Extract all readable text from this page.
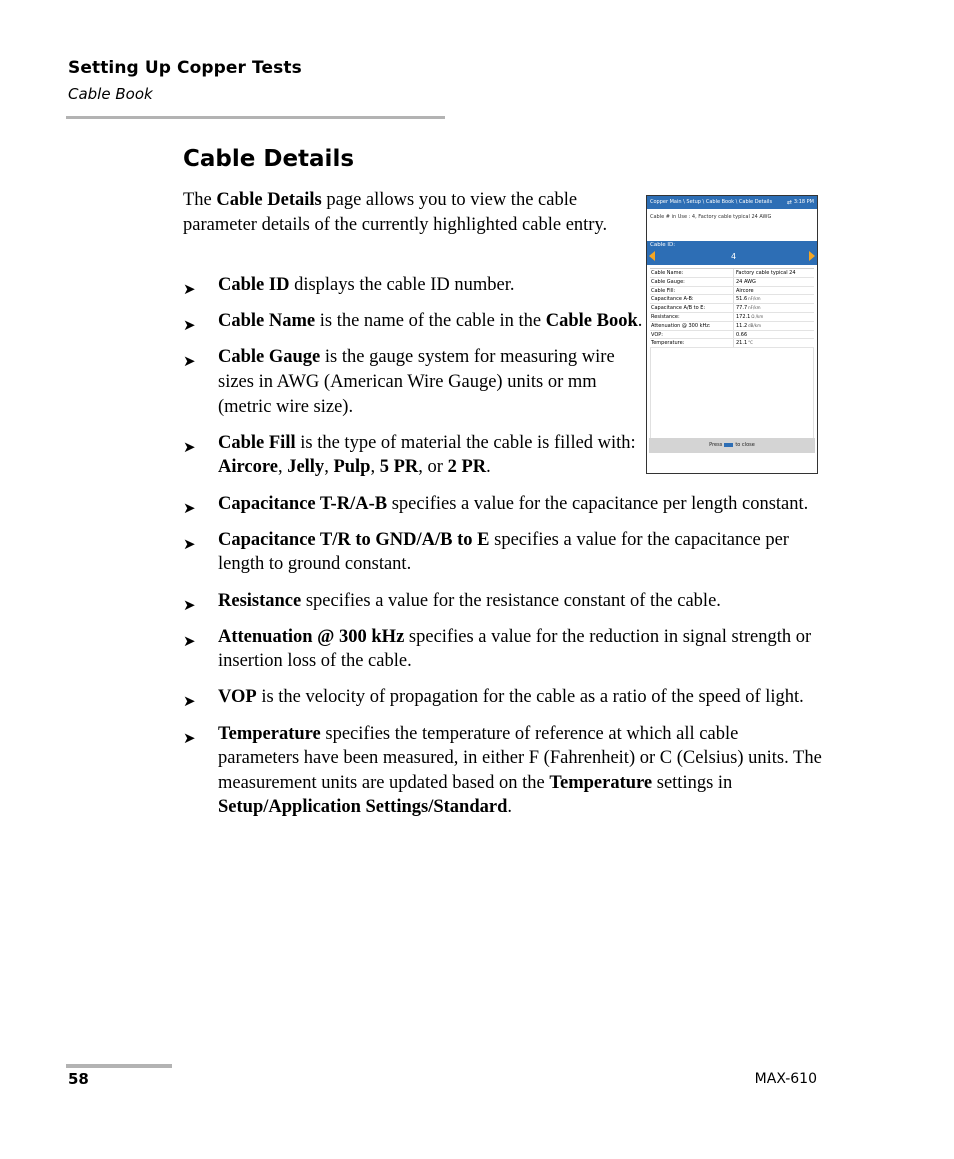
Setting Up Copper Tests
Cable Book
Cable Details

The Cable Details page allows you to view the cable parameter details of the currently highlighted cable entry.

Copper Main \ Setup \ Cable Book \ Cable Details ⇄ 3:18 PM
Cable # in Use : 4, Factory cable typical 24 AWG
Cable ID:
4
Cable Name:	Factory cable typical 24
Cable Gauge:	24 AWG
Cable Fill:	Aircore
Capacitance A-B:	51.6 nF/km
Capacitance A/B to E:	77.7 nF/km
Resistance:	172.1 Ω /km
Attenuation @ 300 kHz:	11.2 dB/km
VOP:	0.66
Temperature:	21.1 °C
Press	to close
➤ Cable ID displays the cable ID number.
➤ Cable Name is the name of the cable in the Cable Book.
➤ Cable Gauge is the gauge system for measuring wire sizes in AWG (American Wire Gauge) units or mm (metric wire size).
➤ Cable Fill is the type of material the cable is filled with: Aircore, Jelly, Pulp, 5 PR, or 2 PR.
➤ Capacitance T-R/A-B specifies a value for the capacitance per length constant.
➤ Capacitance T/R to GND/A/B to E specifies a value for the capacitance per length to ground constant.
➤ Resistance specifies a value for the resistance constant of the cable.
➤ Attenuation @ 300 kHz specifies a value for the reduction in signal strength or insertion loss of the cable.
➤ VOP is the velocity of propagation for the cable as a ratio of the speed of light.
➤ Temperature specifies the temperature of reference at which all cable parameters have been measured, in either F (Fahrenheit) or C (Celsius) units. The measurement units are updated based on the Temperature settings in Setup/Application Settings/Standard.
58	MAX-610
